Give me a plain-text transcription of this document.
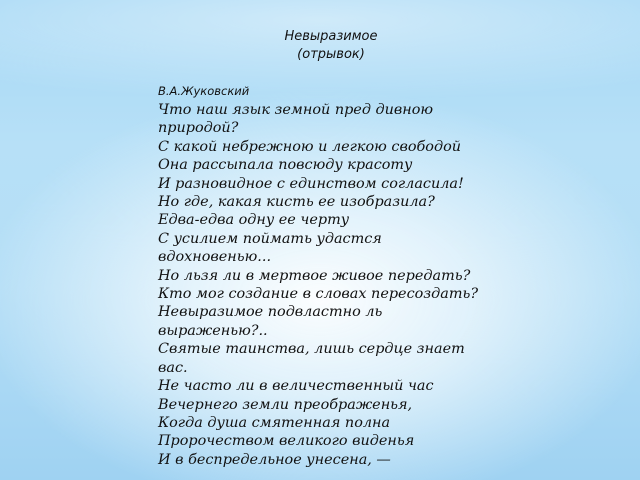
Невыразимое
(отрывок)
В.А.Жуковский
Что наш язык земной пред дивною
природой?
С какой небрежною и легкою свободой
Она рассыпала повсюду красоту
И разновидное с единством согласила!
Но где, какая кисть ее изобразила?
Едва-едва одну ее черту
С усилием поймать удастся
вдохновенью...
Но льзя ли в мертвое живое передать?
Кто мог создание в словах пересоздать?
Невыразимое подвластно ль
выраженью?..
Святые таинства, лишь сердце знает
вас.
Не часто ли в величественный час
Вечернего земли преображенья,
Когда душа смятенная полна
Пророчеством великого виденья
И в беспредельное унесена, —
